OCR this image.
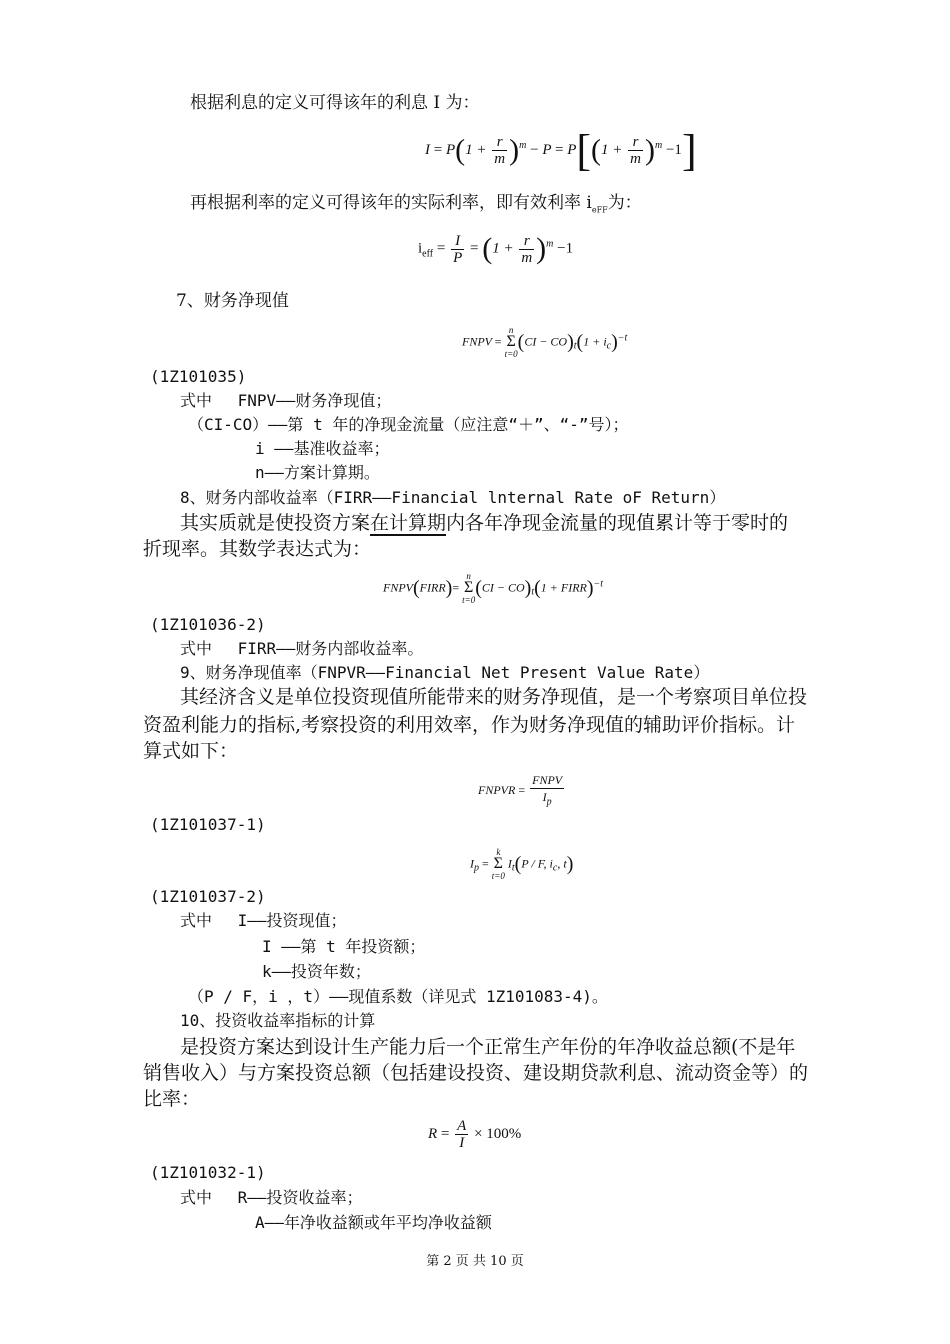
根据利息的定义可得该年的利息 I 为：
$I = P(1 + \frac{r}{m} )^m - P = P[(1 + \frac{r}{m} )^m -1]$
再根据利率的定义可得该年的实际利率，即有效利率 $i_{eFF}$为：
$i_{eff} = \frac{I}{P} = (1 + \frac{r}{m} )^m -1$
7、财务净现值
FNPV =
n
Σ
t=0
$(CI - CO)_t(1 + i_c)^{-t}$
(1Z101035)
式中　 FNPV——财务净现值；
（CI-CO）——第 t 年的净现金流量（应注意“＋”、“-”号）；
i ——基准收益率；
n——方案计算期。
8、财务内部收益率（FIRR——Financial lnternal Rate oF Return）
其实质就是使投资方案在计算期内各年净现金流量的现值累计等于零时的
折现率。其数学表达式为：
FNPV(FIRR)=
n
Σ
t=0
$(CI - CO)_t(1$ + FIRR)$^{-t}$
(1Z101036-2)
式中　 FIRR——财务内部收益率。
9、财务净现值率（FNPVR——Financial Net Present Value Rate）
其经济含义是单位投资现值所能带来的财务净现值，是一个考察项目单位投
资盈利能力的指标,考察投资的利用效率，作为财务净现值的辅助评价指标。计
算式如下：
FNPVR = $\frac{\text{FNPV}}{I_p}$
(1Z101037-1)
$I_p$ =
k
Σ
t=0
$I_t(P$ / F, $i_c$, t)
(1Z101037-2)
式中　 I——投资现值；
I ——第 t 年投资额；
k——投资年数；
（P / F，i ，t）——现值系数（详见式 1Z101083-4)。
10、投资收益率指标的计算
是投资方案达到设计生产能力后一个正常生产年份的年净收益总额(不是年
销售收入）与方案投资总额（包括建设投资、建设期贷款利息、流动资金等）的
比率：
$R = \frac{A}{I} \times 100\%$
(1Z101032-1)
式中　 R——投资收益率；
A——年净收益额或年平均净收益额
第 2 页 共 10 页
